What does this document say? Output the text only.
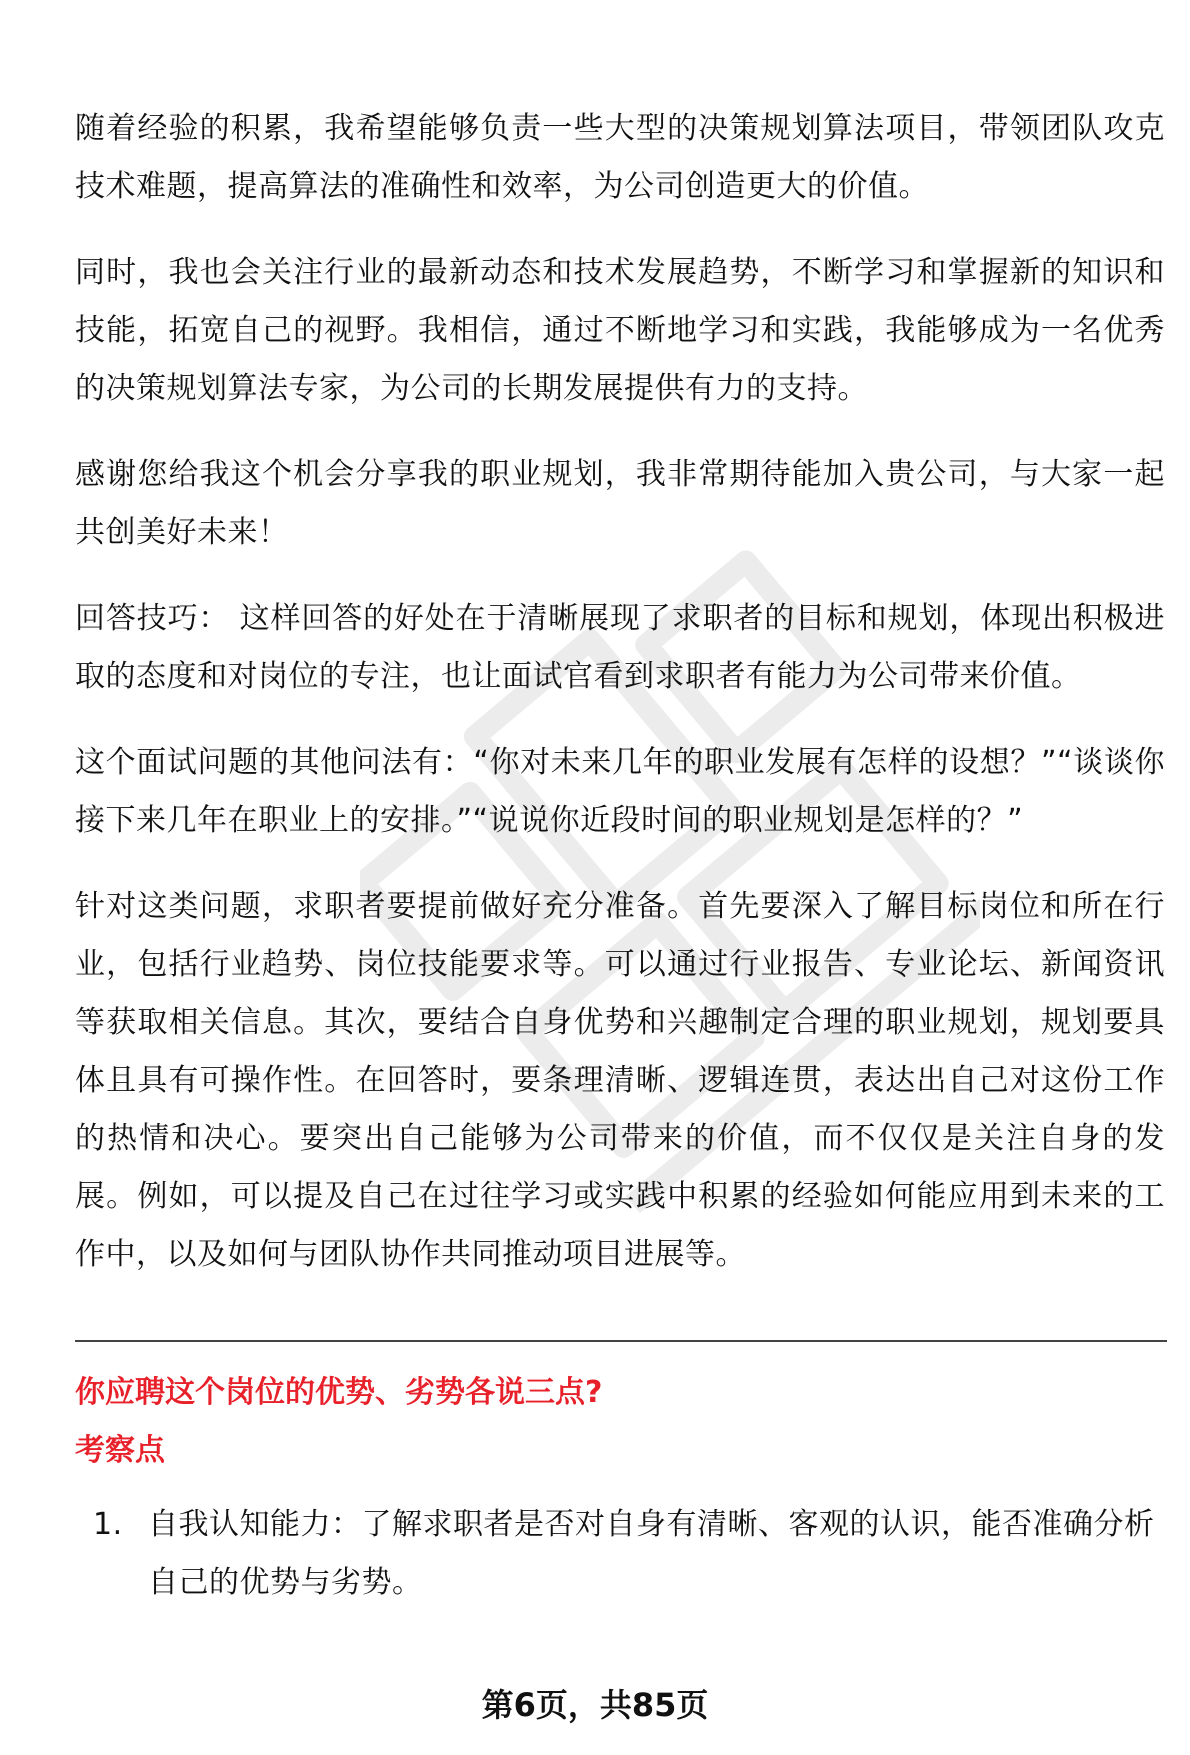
随着经验的积累，我希望能够负责一些大型的决策规划算法项目，带领团队攻克技术难题，提高算法的准确性和效率，为公司创造更大的价值。

同时，我也会关注行业的最新动态和技术发展趋势，不断学习和掌握新的知识和技能，拓宽自己的视野。我相信，通过不断地学习和实践，我能够成为一名优秀的决策规划算法专家，为公司的长期发展提供有力的支持。

感谢您给我这个机会分享我的职业规划，我非常期待能加入贵公司，与大家一起共创美好未来！

回答技巧： 这样回答的好处在于清晰展现了求职者的目标和规划，体现出积极进取的态度和对岗位的专注，也让面试官看到求职者有能力为公司带来价值。

这个面试问题的其他问法有：“你对未来几年的职业发展有怎样的设想？”“谈谈你接下来几年在职业上的安排。”“说说你近段时间的职业规划是怎样的？”

针对这类问题，求职者要提前做好充分准备。首先要深入了解目标岗位和所在行业，包括行业趋势、岗位技能要求等。可以通过行业报告、专业论坛、新闻资讯等获取相关信息。其次，要结合自身优势和兴趣制定合理的职业规划，规划要具体且具有可操作性。在回答时，要条理清晰、逻辑连贯，表达出自己对这份工作的热情和决心。要突出自己能够为公司带来的价值，而不仅仅是关注自身的发展。例如，可以提及自己在过往学习或实践中积累的经验如何能应用到未来的工作中，以及如何与团队协作共同推动项目进展等。

你应聘这个岗位的优势、劣势各说三点?

考察点

1. 自我认知能力：了解求职者是否对自身有清晰、客观的认识，能否准确分析自己的优势与劣势。
第6页，共85页
